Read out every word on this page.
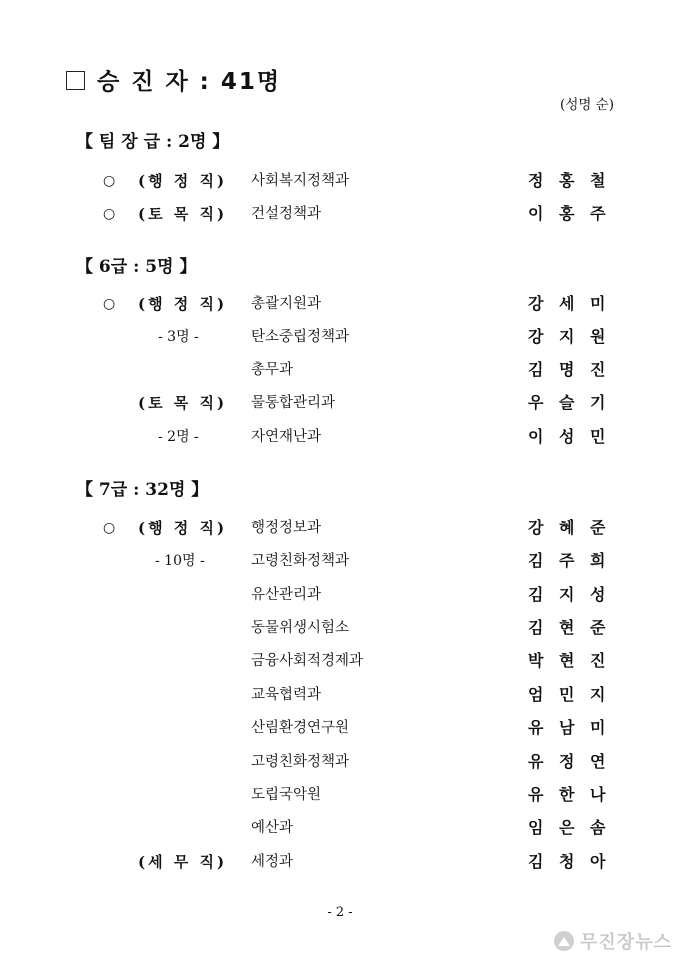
승 진 자 : 41명
(성명 순)
【 팀 장 급 : 2명 】
○ (행 정 직) 사회복지정책과	정 홍 철
○ (토 목 직) 건설정책과	이 홍 주
【 6급 : 5명 】
○ (행 정 직) 총괄지원과	강 세 미
- 3명 -	탄소중립정책과	강 지 원
총무과	김 명 진
(토 목 직) 물통합관리과	우 슬 기
- 2명 -	자연재난과	이 성 민
【 7급 : 32명 】
○ (행 정 직) 행정정보과	강 혜 준
- 10명 -	고령친화정책과	김 주 희
유산관리과	김 지 성
동물위생시험소	김 현 준
금융사회적경제과	박 현 진
교육협력과	엄 민 지
산림환경연구원	유 남 미
고령친화정책과	유 정 연
도립국악원	유 한 나
예산과	임 은 솜
(세 무 직) 세정과	김 청 아
- 2 -
무진장뉴스
